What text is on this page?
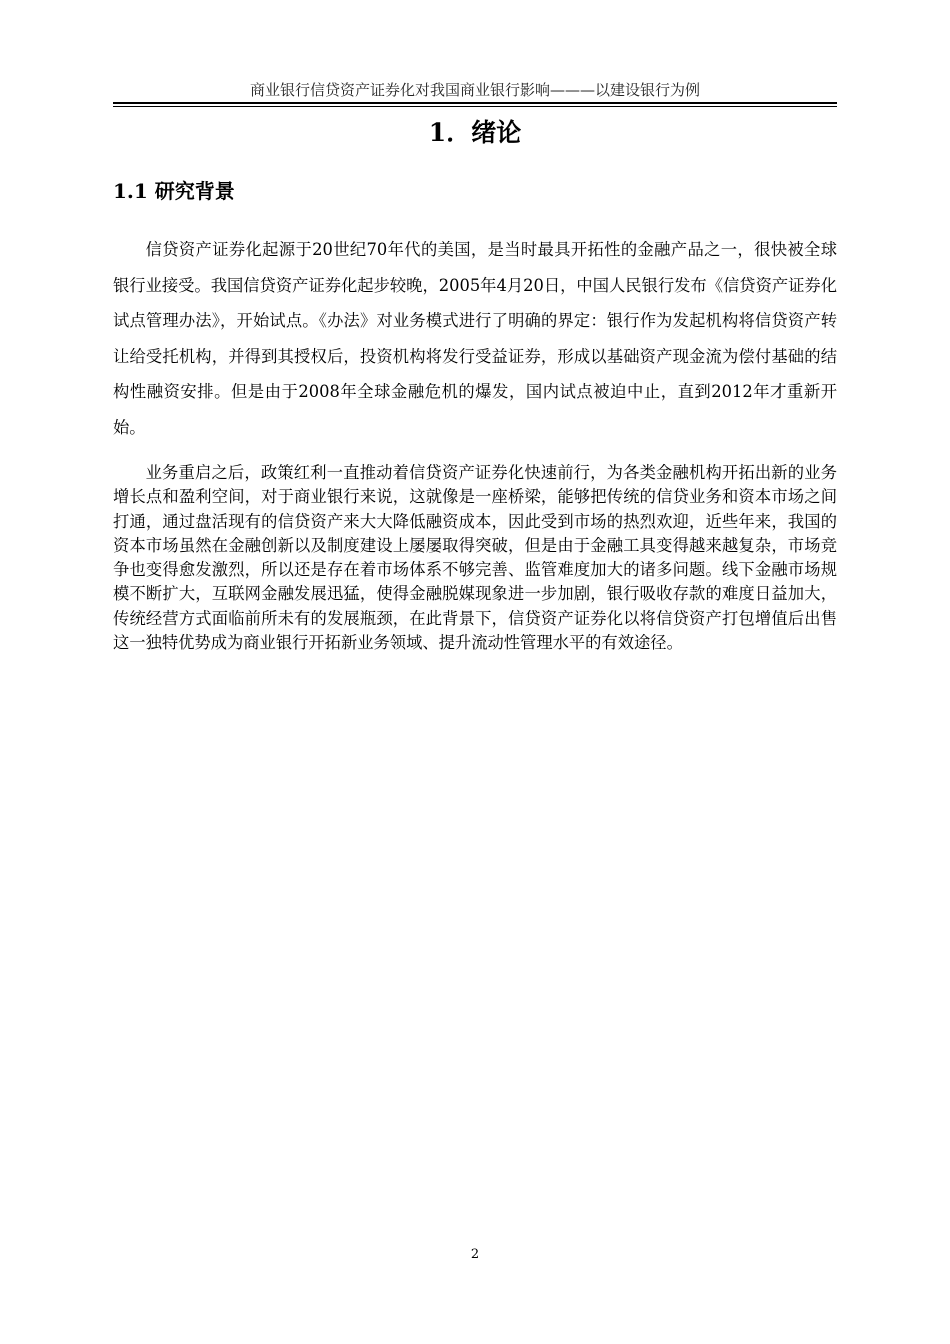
商业银行信贷资产证券化对我国商业银行影响———以建设银行为例
1．绪论
1.1 研究背景

信贷资产证券化起源于20世纪70年代的美国，是当时最具开拓性的金融产品之一，很快被全球银行业接受。我国信贷资产证券化起步较晚，2005年4月20日，中国人民银行发布《信贷资产证券化试点管理办法》，开始试点。《办法》对业务模式进行了明确的界定：银行作为发起机构将信贷资产转让给受托机构，并得到其授权后，投资机构将发行受益证券，形成以基础资产现金流为偿付基础的结构性融资安排。但是由于2008年全球金融危机的爆发，国内试点被迫中止，直到2012年才重新开始。

业务重启之后，政策红利一直推动着信贷资产证券化快速前行，为各类金融机构开拓出新的业务增长点和盈利空间，对于商业银行来说，这就像是一座桥梁，能够把传统的信贷业务和资本市场之间打通，通过盘活现有的信贷资产来大大降低融资成本，因此受到市场的热烈欢迎，近些年来，我国的资本市场虽然在金融创新以及制度建设上屡屡取得突破，但是由于金融工具变得越来越复杂，市场竞争也变得愈发激烈，所以还是存在着市场体系不够完善、监管难度加大的诸多问题。线下金融市场规模不断扩大，互联网金融发展迅猛，使得金融脱媒现象进一步加剧，银行吸收存款的难度日益加大，传统经营方式面临前所未有的发展瓶颈，在此背景下，信贷资产证券化以将信贷资产打包增值后出售这一独特优势成为商业银行开拓新业务领域、提升流动性管理水平的有效途径。

2
